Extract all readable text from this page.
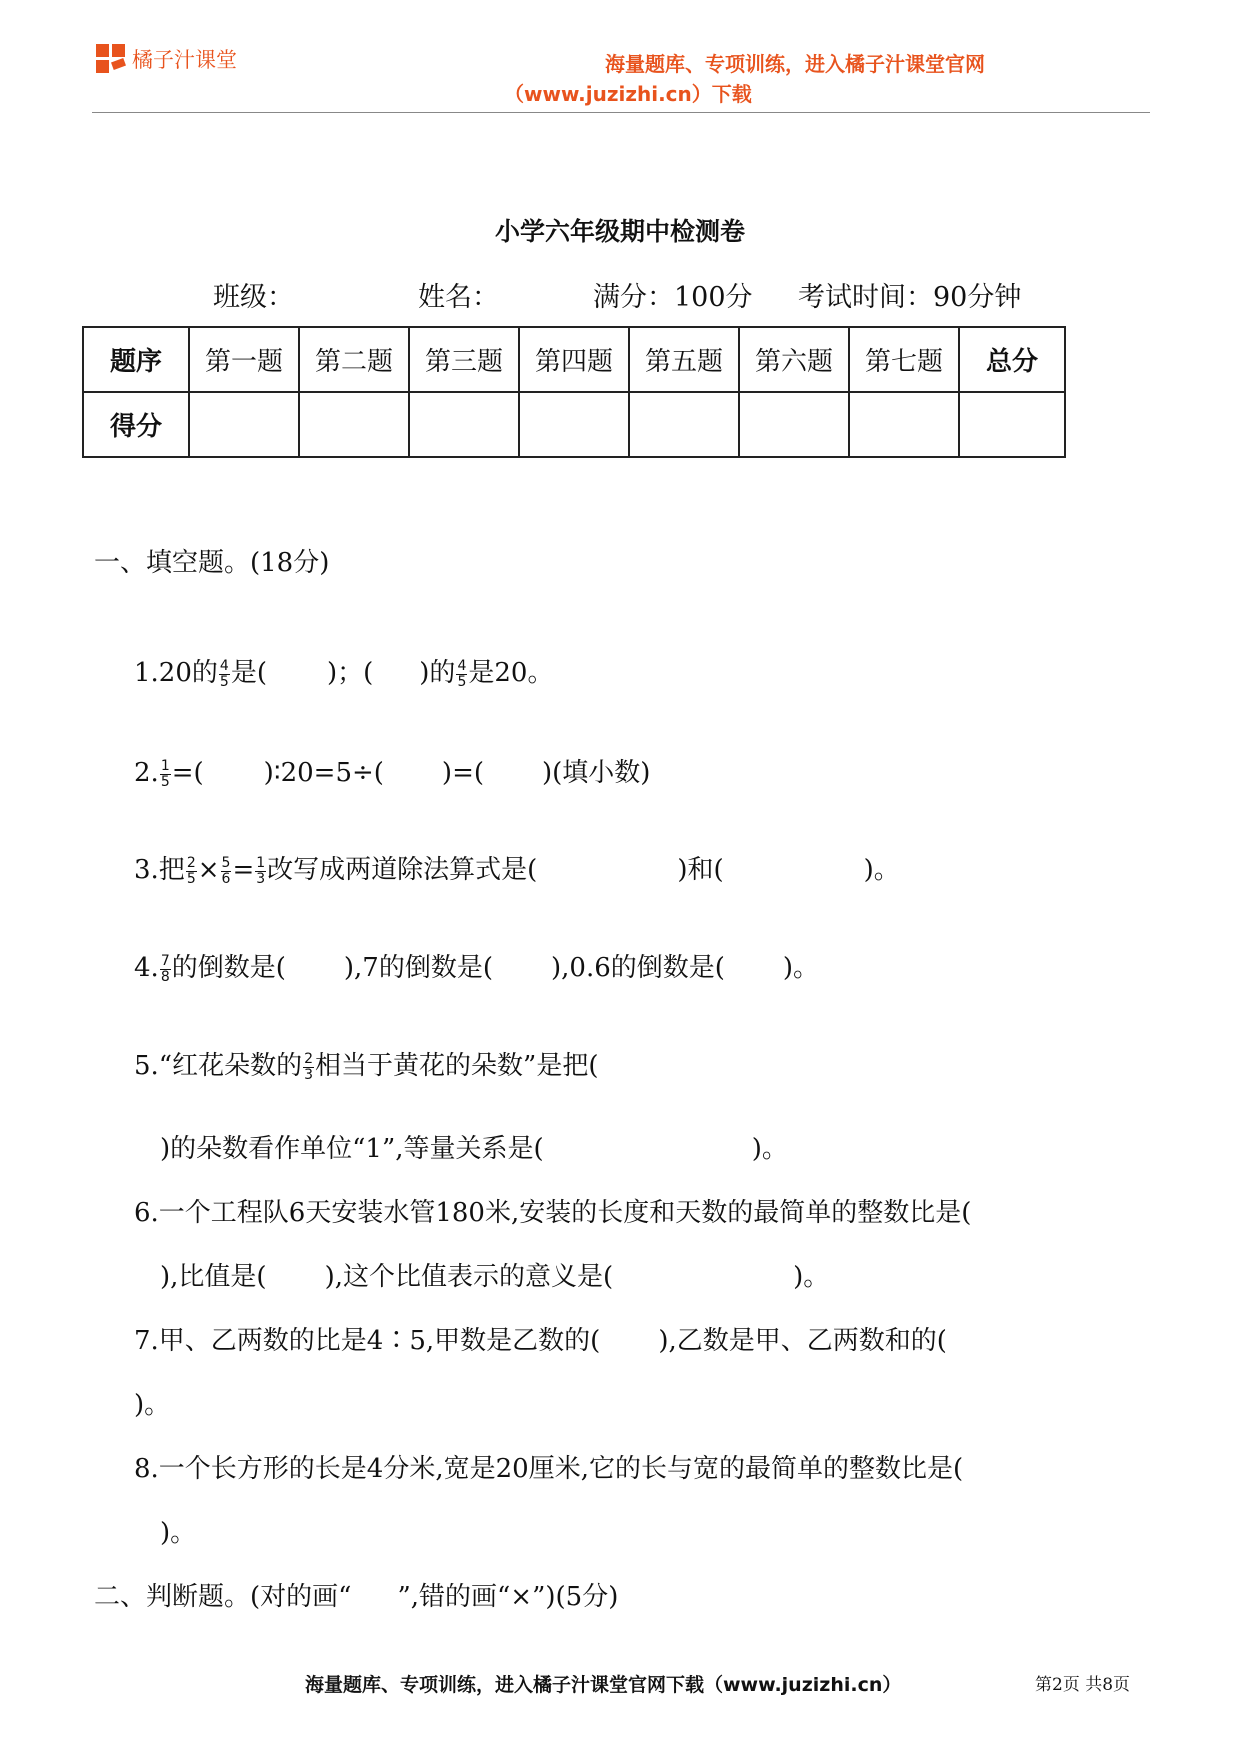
橘子汁课堂	海量题库、专项训练，进入橘子汁课堂官网
（www.juzizhi.cn）下载
小学六年级期中检测卷
班级：	姓名：	满分：100分 考试时间：90分钟
题序	第一题	第二题	第三题	第四题	第五题	第六题	第七题	总分
得分								
一、填空题。(18分)
1.20的 $\frac{4}{5}$ 是( )；( )的 $\frac{4}{5}$ 是20。
2. $\frac{1}{5}$ =( )∶20=5÷( )=( )(填小数)
3.把 $\frac{2}{5} \times \frac{5}{6} = \frac{1}{3}$ 改写成两道除法算式是(	)和(	)。
4. $\frac{7}{8}$ 的倒数是( ),7的倒数是( ),0.6的倒数是( )。
5.“红花朵数的 $\frac{2}{3}$ 相当于黄花的朵数”是把(
)的朵数看作单位“1”,等量关系是(	)。
6.一个工程队6天安装水管180米,安装的长度和天数的最简单的整数比是(
),比值是( ),这个比值表示的意义是(	)。
7.甲、乙两数的比是4∶5,甲数是乙数的( ),乙数是甲、乙两数和的(
)。
8.一个长方形的长是4分米,宽是20厘米,它的长与宽的最简单的整数比是(
)。
二、判断题。(对的画“ ”,错的画“×”)(5分)
海量题库、专项训练，进入橘子汁课堂官网下载（www.juzizhi.cn）	第2页 共8页
